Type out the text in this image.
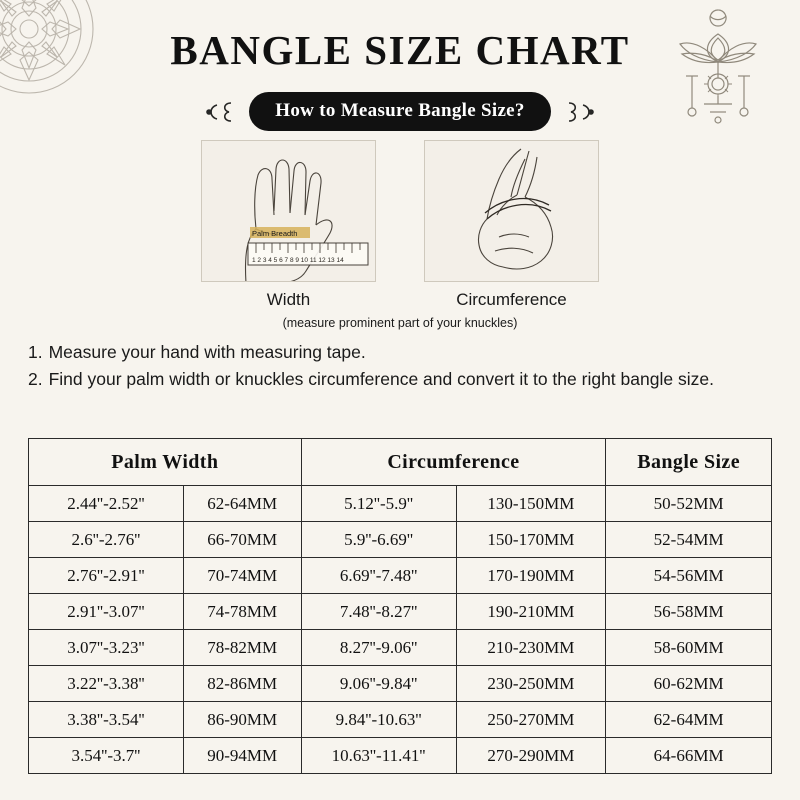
BANGLE SIZE CHART
How to Measure Bangle Size?
1 2 3 4 5 6 7 8 9 10 11 12 13 14
Palm Breadth
Width	Circumference
(measure prominent part of your knuckles)
1. Measure your hand with measuring tape.
2. Find your palm width or knuckles circumference and convert it to the right bangle size.
Palm Width		Circumference		Bangle Size
2.44''-2.52''	62-64MM	5.12''-5.9''	130-150MM	50-52MM
2.6''-2.76''	66-70MM	5.9''-6.69''	150-170MM	52-54MM
2.76''-2.91''	70-74MM	6.69''-7.48''	170-190MM	54-56MM
2.91''-3.07''	74-78MM	7.48''-8.27''	190-210MM	56-58MM
3.07''-3.23''	78-82MM	8.27''-9.06''	210-230MM	58-60MM
3.22''-3.38''	82-86MM	9.06''-9.84''	230-250MM	60-62MM
3.38''-3.54''	86-90MM	9.84''-10.63''	250-270MM	62-64MM
3.54''-3.7''	90-94MM	10.63''-11.41''	270-290MM	64-66MM
